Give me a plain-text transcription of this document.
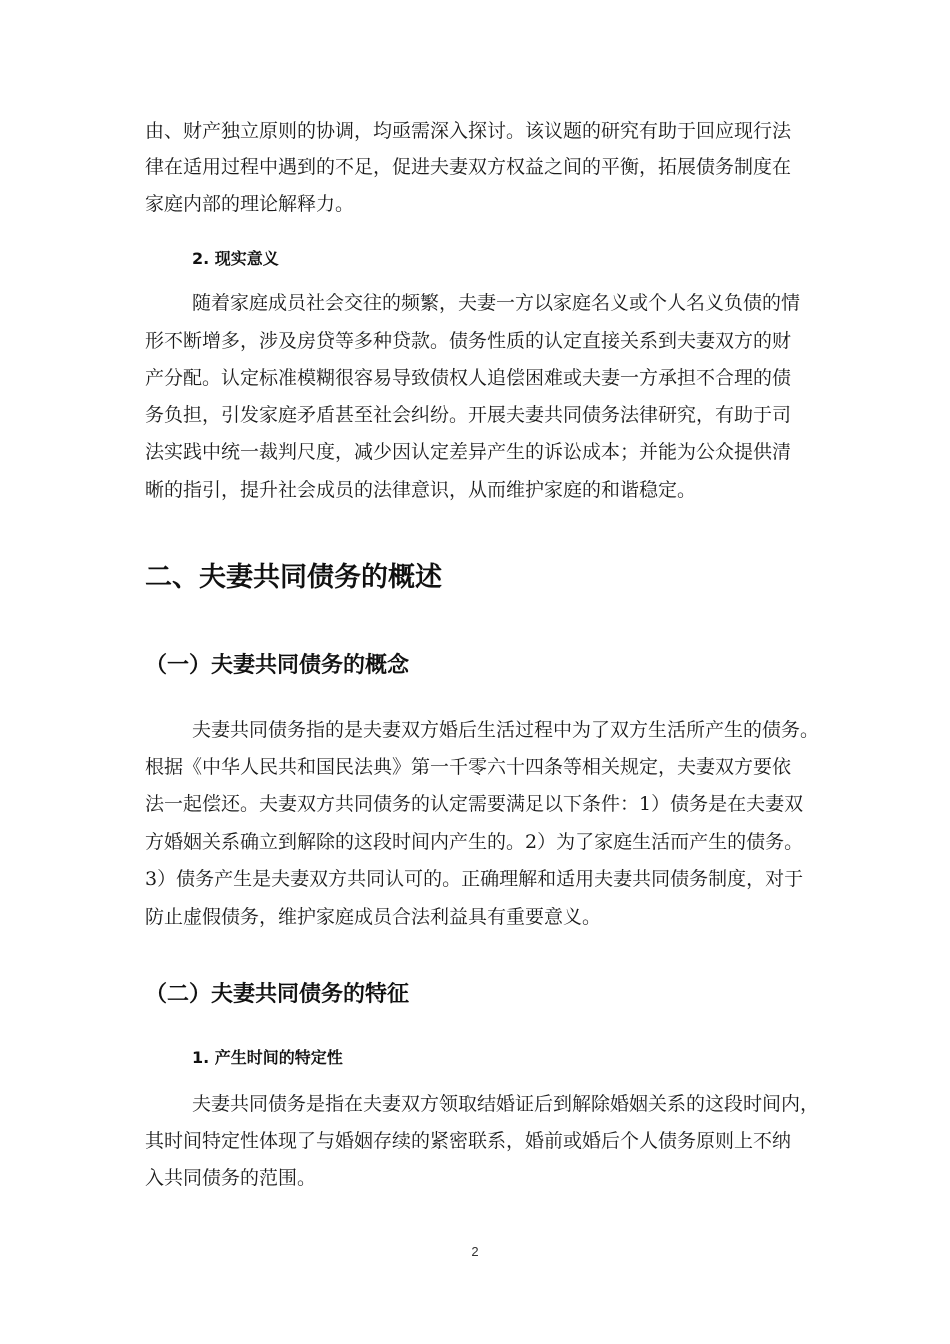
由、财产独立原则的协调，均亟需深入探讨。该议题的研究有助于回应现行法
律在适用过程中遇到的不足，促进夫妻双方权益之间的平衡，拓展债务制度在
家庭内部的理论解释力。
2. 现实意义
随着家庭成员社会交往的频繁，夫妻一方以家庭名义或个人名义负债的情
形不断增多，涉及房贷等多种贷款。债务性质的认定直接关系到夫妻双方的财
产分配。认定标准模糊很容易导致债权人追偿困难或夫妻一方承担不合理的债
务负担，引发家庭矛盾甚至社会纠纷。开展夫妻共同债务法律研究，有助于司
法实践中统一裁判尺度，减少因认定差异产生的诉讼成本；并能为公众提供清
晰的指引，提升社会成员的法律意识，从而维护家庭的和谐稳定。
二、夫妻共同债务的概述
（一）夫妻共同债务的概念
夫妻共同债务指的是夫妻双方婚后生活过程中为了双方生活所产生的债务。
根据《中华人民共和国民法典》第一千零六十四条等相关规定，夫妻双方要依
法一起偿还。夫妻双方共同债务的认定需要满足以下条件：1）债务是在夫妻双
方婚姻关系确立到解除的这段时间内产生的。2）为了家庭生活而产生的债务。
3）债务产生是夫妻双方共同认可的。正确理解和适用夫妻共同债务制度，对于
防止虚假债务，维护家庭成员合法利益具有重要意义。
（二）夫妻共同债务的特征
1. 产生时间的特定性
夫妻共同债务是指在夫妻双方领取结婚证后到解除婚姻关系的这段时间内，
其时间特定性体现了与婚姻存续的紧密联系，婚前或婚后个人债务原则上不纳
入共同债务的范围。
2
